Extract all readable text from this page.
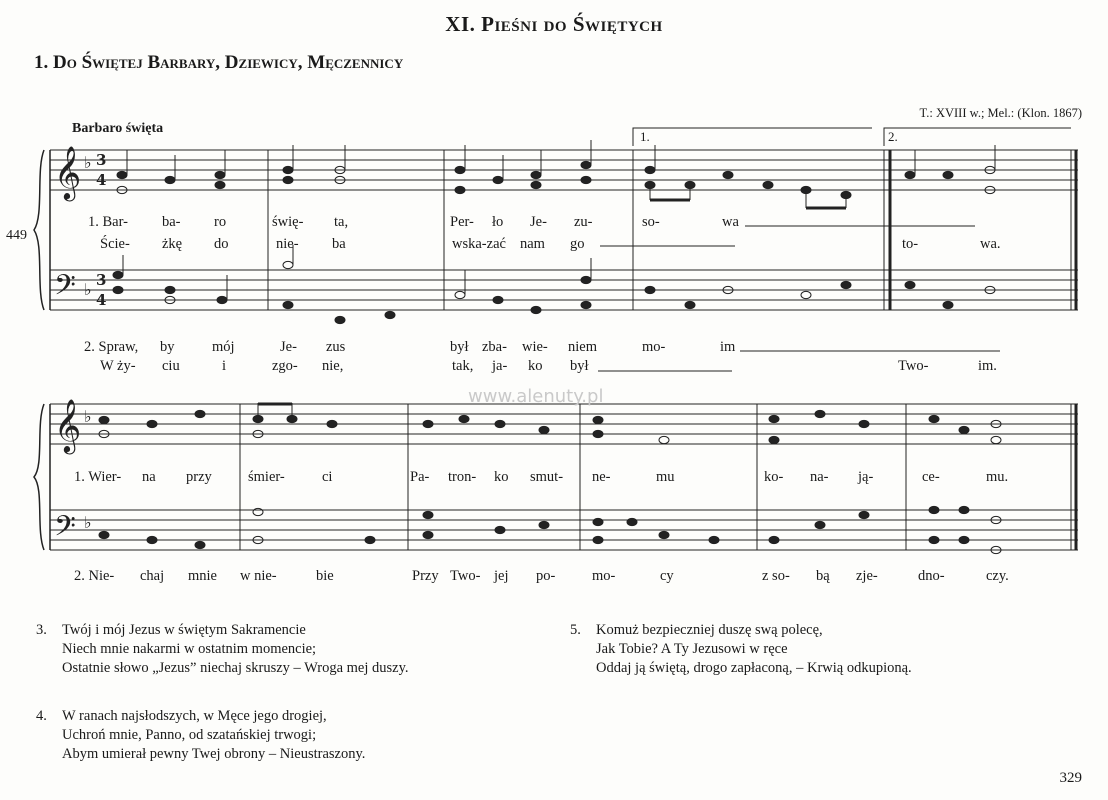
XI. Pieśni do Świętych
1. Do Świętej Barbary, Dziewicy, Męczennicy
T.: XVIII w.; Mel.: (Klon. 1867)
Barbaro święta
449
𝄞
𝄢
𝄞
𝄢
♭
♭
♭
♭
3
4
3
4
1.	2.
1. Bar- ba- ro	świę- ta,	Per- ło Je- zu-	so-	wa
to-	wa.
Ście- żkę do	nie- ba	wska-zać nam go
2. Spraw, by	mój	Je- zus	był zba- wie- niem	mo-	im
W ży- ciu	i	zgo- nie,	tak, ja- ko był	Two-	im.
www.alenuty.pl
1. Wier- na przy śmier-	ci	Pa- tron- ko smut- ne-	mu	ko- na- ją-	ce-	mu.
2. Nie- chaj mnie w nie-	bie	Przy Two- jej po-	mo-	cy	z so- bą zje-	dno-	czy.
3. Twój i mój Jezus w świętym Sakramencie
Niech mnie nakarmi w ostatnim momencie;
Ostatnie słowo „Jezus” niechaj skruszy – Wroga mej duszy.
4. W ranach najsłodszych, w Męce jego drogiej,
Uchroń mnie, Panno, od szatańskiej trwogi;
Abym umierał pewny Twej obrony – Nieustraszony.
5. Komuż bezpieczniej duszę swą polecę,
Jak Tobie? A Ty Jezusowi w ręce
Oddaj ją świętą, drogo zapłaconą, – Krwią odkupioną.
329
